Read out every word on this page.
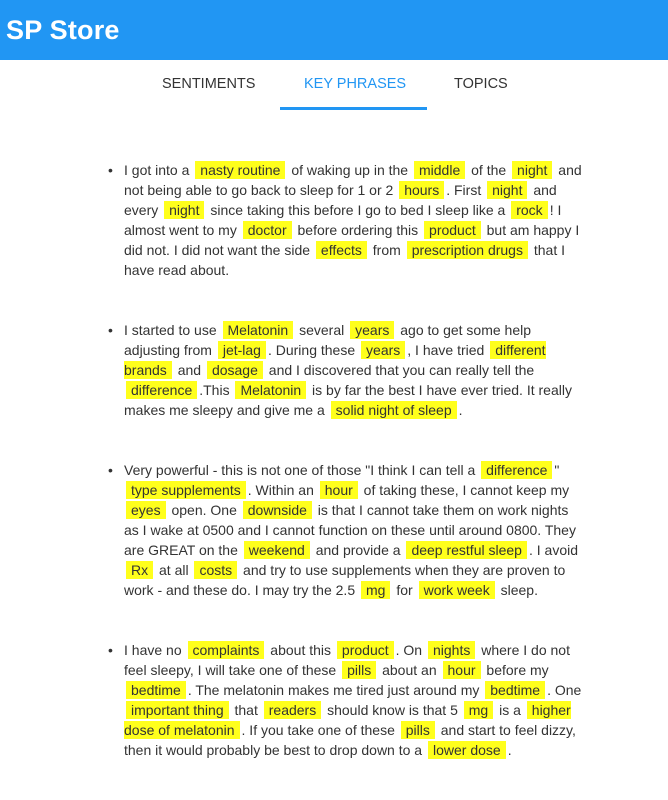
SP Store
SENTIMENTS	KEY PHRASES	TOPICS
• I got into a nasty routine of waking up in the middle of the night and not being able to go back to sleep for 1 or 2 hours . First night and every night since taking this before I go to bed I sleep like a rock ! I almost went to my doctor before ordering this product but am happy I did not. I did not want the side effects from prescription drugs that I have read about.
• I started to use Melatonin several years ago to get some help adjusting from jet-lag . During these years , I have tried different brands and dosage and I discovered that you can really tell the difference .This Melatonin is by far the best I have ever tried. It really makes me sleepy and give me a solid night of sleep .
• Very powerful - this is not one of those "I think I can tell a difference " type supplements . Within an hour of taking these, I cannot keep my eyes open. One downside is that I cannot take them on work nights as I wake at 0500 and I cannot function on these until around 0800. They are GREAT on the weekend and provide a deep restful sleep . I avoid Rx at all costs and try to use supplements when they are proven to work - and these do. I may try the 2.5 mg for work week sleep.
• I have no complaints about this product . On nights where I do not feel sleepy, I will take one of these pills about an hour before my bedtime . The melatonin makes me tired just around my bedtime . One important thing that readers should know is that 5 mg is a higher dose of melatonin . If you take one of these pills and start to feel dizzy, then it would probably be best to drop down to a lower dose .
